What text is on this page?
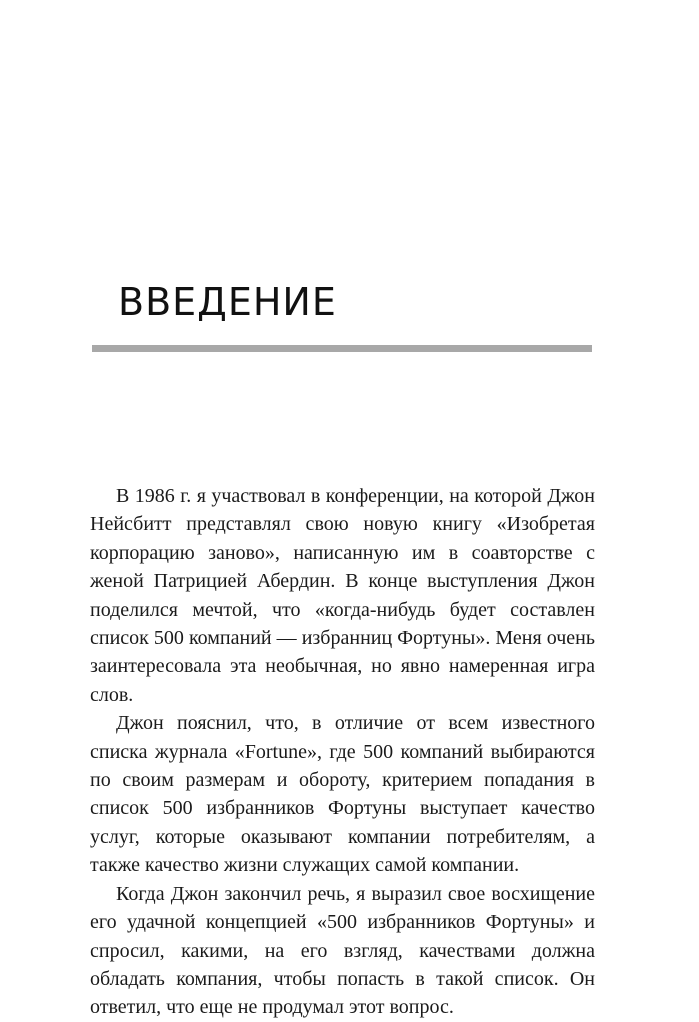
ВВЕДЕНИЕ

В 1986 г. я участвовал в конференции, на которой Джон Нейсбитт представлял свою новую книгу «Изобретая корпорацию заново», написанную им в соавторстве с женой Патрицией Абердин. В конце выступления Джон поделился мечтой, что «когда-нибудь будет составлен список 500 компаний — избранниц Фортуны». Меня очень заинтересовала эта необычная, но явно намеренная игра слов.

Джон пояснил, что, в отличие от всем известного списка журнала «Fortune», где 500 компаний выбираются по своим размерам и обороту, критерием попадания в список 500 избранников Фортуны выступает качество услуг, которые оказывают компании потребителям, а также качество жизни служащих самой компании.

Когда Джон закончил речь, я выразил свое восхищение его удачной концепцией «500 избранников Фортуны» и спросил, какими, на его взгляд, качествами должна обладать компания, чтобы попасть в такой список. Он ответил, что еще не продумал этот вопрос.
